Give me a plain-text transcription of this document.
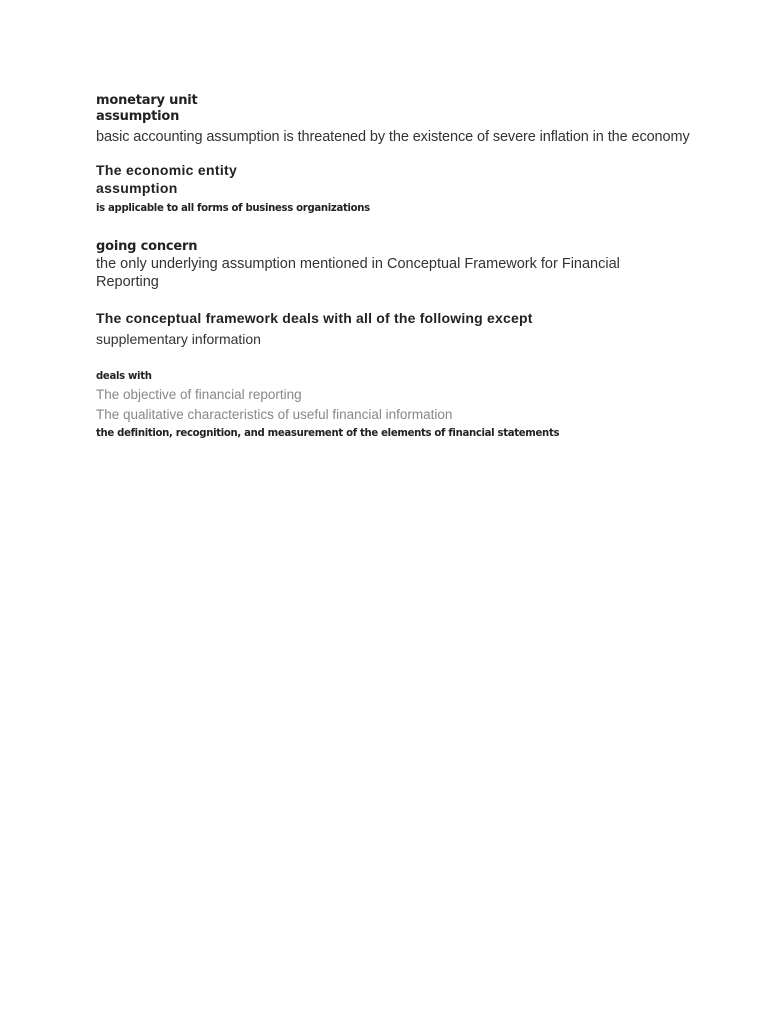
monetary unit
assumption
basic accounting assumption is threatened by the existence of severe inflation in the economy
The economic entity
assumption
is applicable to all forms of business organizations
going concern
the only underlying assumption mentioned in Conceptual Framework for Financial
Reporting
The conceptual framework deals with all of the following except
supplementary information
deals with
The objective of financial reporting
The qualitative characteristics of useful financial information
the definition, recognition, and measurement of the elements of financial statements
